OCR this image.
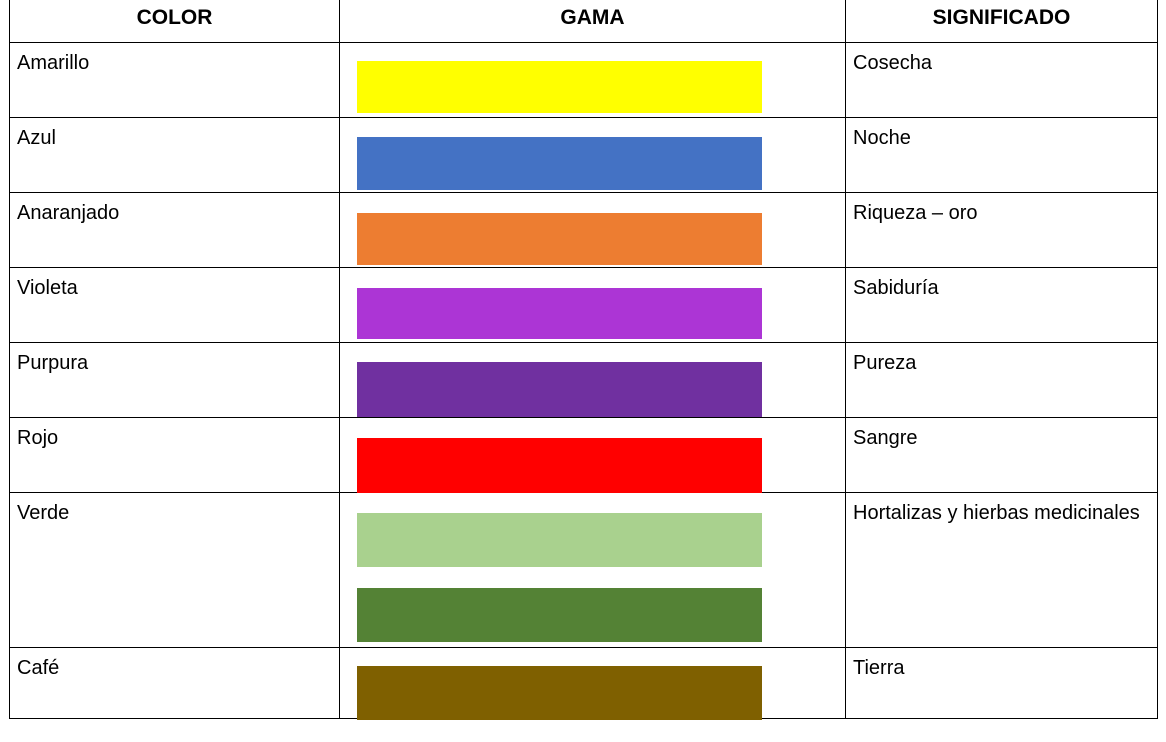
COLOR	GAMA	SIGNIFICADO
Amarillo		Cosecha
Azul		Noche
Anaranjado		Riqueza – oro
Violeta		Sabiduría
Purpura		Pureza
Rojo		Sangre
Verde		Hortalizas y hierbas medicinales

Café		Tierra
